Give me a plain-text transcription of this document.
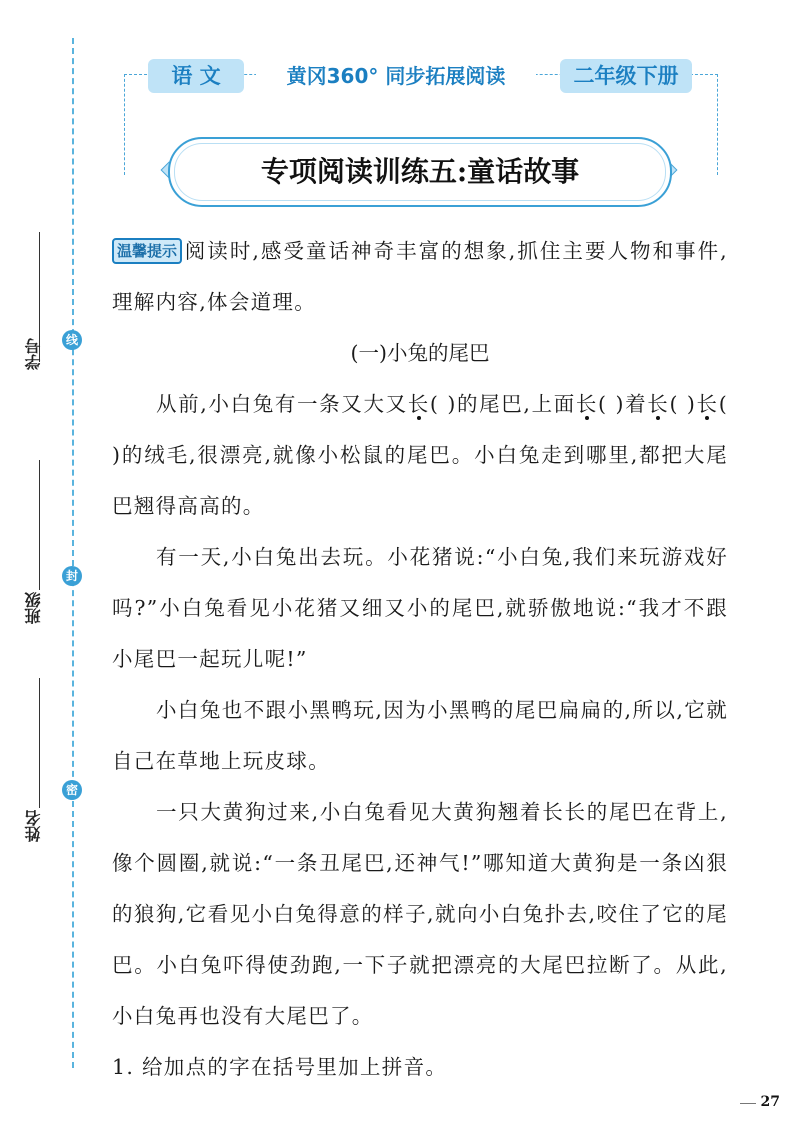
线
封
密
学号
班级
姓名
语 文	黄冈360° 同步拓展阅读	二年级下册
专项阅读训练五:童话故事

温馨提示 阅读时,感受童话神奇丰富的想象,抓住主要人物和事件,理解内容,体会道理。

(一)小兔的尾巴

从前,小白兔有一条又大又长( )的尾巴,上面长( )着长( )长( )的绒毛,很漂亮,就像小松鼠的尾巴。小白兔走到哪里,都把大尾巴翘得高高的。

有一天,小白兔出去玩。小花猪说:“小白兔,我们来玩游戏好吗?”小白兔看见小花猪又细又小的尾巴,就骄傲地说:“我才不跟小尾巴一起玩儿呢!”

小白兔也不跟小黑鸭玩,因为小黑鸭的尾巴扁扁的,所以,它就自己在草地上玩皮球。

一只大黄狗过来,小白兔看见大黄狗翘着长长的尾巴在背上,像个圆圈,就说:“一条丑尾巴,还神气!”哪知道大黄狗是一条凶狠的狼狗,它看见小白兔得意的样子,就向小白兔扑去,咬住了它的尾巴。小白兔吓得使劲跑,一下子就把漂亮的大尾巴拉断了。从此,小白兔再也没有大尾巴了。

1. 给加点的字在括号里加上拼音。

27
